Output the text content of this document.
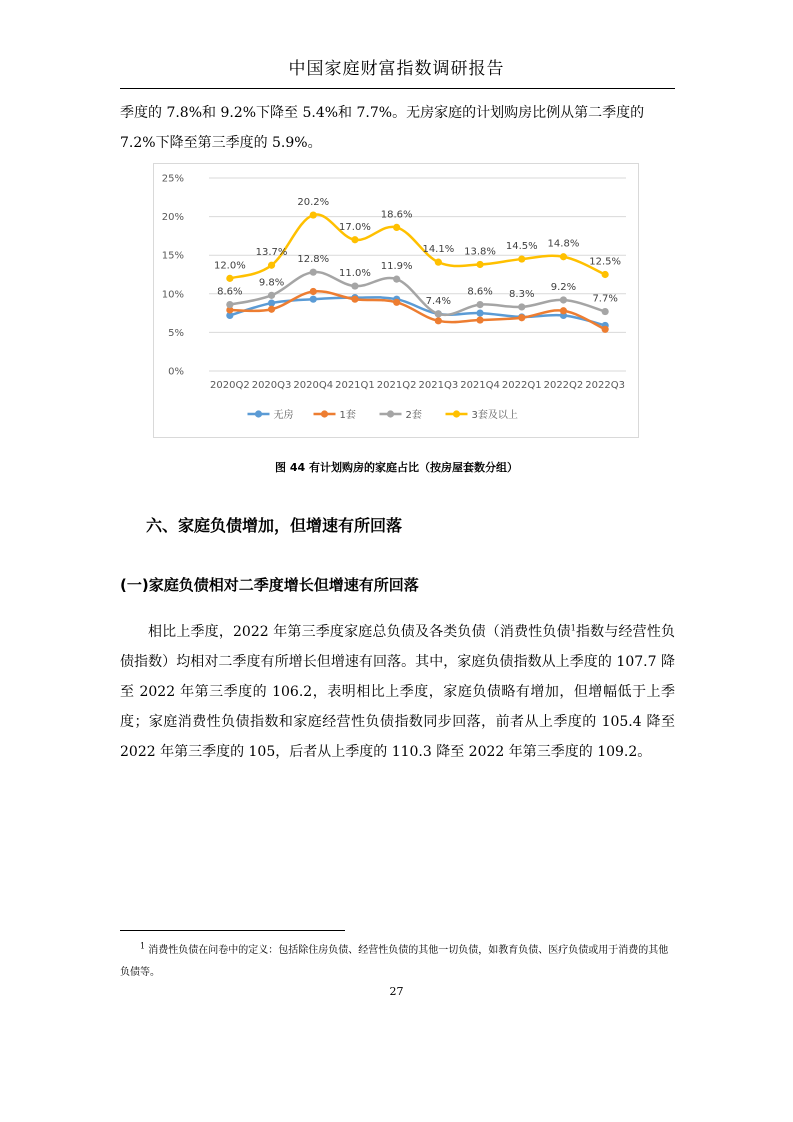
中国家庭财富指数调研报告

季度的 7.8%和 9.2%下降至 5.4%和 7.7%。无房家庭的计划购房比例从第二季度的 7.2%下降至第三季度的 5.9%。

0%
5%
10%
15%
20%
25%
2020Q2 2020Q3 2020Q4 2021Q1 2021Q2 2021Q3 2021Q4 2022Q1 2022Q2 2022Q3
8.6%
9.8%
12.8%
11.0%
11.9%
7.4%
8.6% 8.3%
9.2%
7.7%
12.0%
13.7%
20.2%
17.0%
18.6%
14.1% 13.8% 14.5% 14.8%
12.5%
无房	1套	2套	3套及以上
图 44 有计划购房的家庭占比（按房屋套数分组）
六、家庭负债增加，但增速有所回落
(一)家庭负债相对二季度增长但增速有所回落

相比上季度，2022 年第三季度家庭总负债及各类负债（消费性负债$^1$指数与经营性负债指数）均相对二季度有所增长但增速有回落。其中，家庭负债指数从上季度的 107.7 降至 2022 年第三季度的 106.2，表明相比上季度，家庭负债略有增加，但增幅低于上季度；家庭消费性负债指数和家庭经营性负债指数同步回落，前者从上季度的 105.4 降至 2022 年第三季度的 105，后者从上季度的 110.3 降至 2022 年第三季度的 109.2。

$^1$ 消费性负债在问卷中的定义：包括除住房负债、经营性负债的其他一切负债，如教育负债、医疗负债或用于消费的其他负债等。

27
